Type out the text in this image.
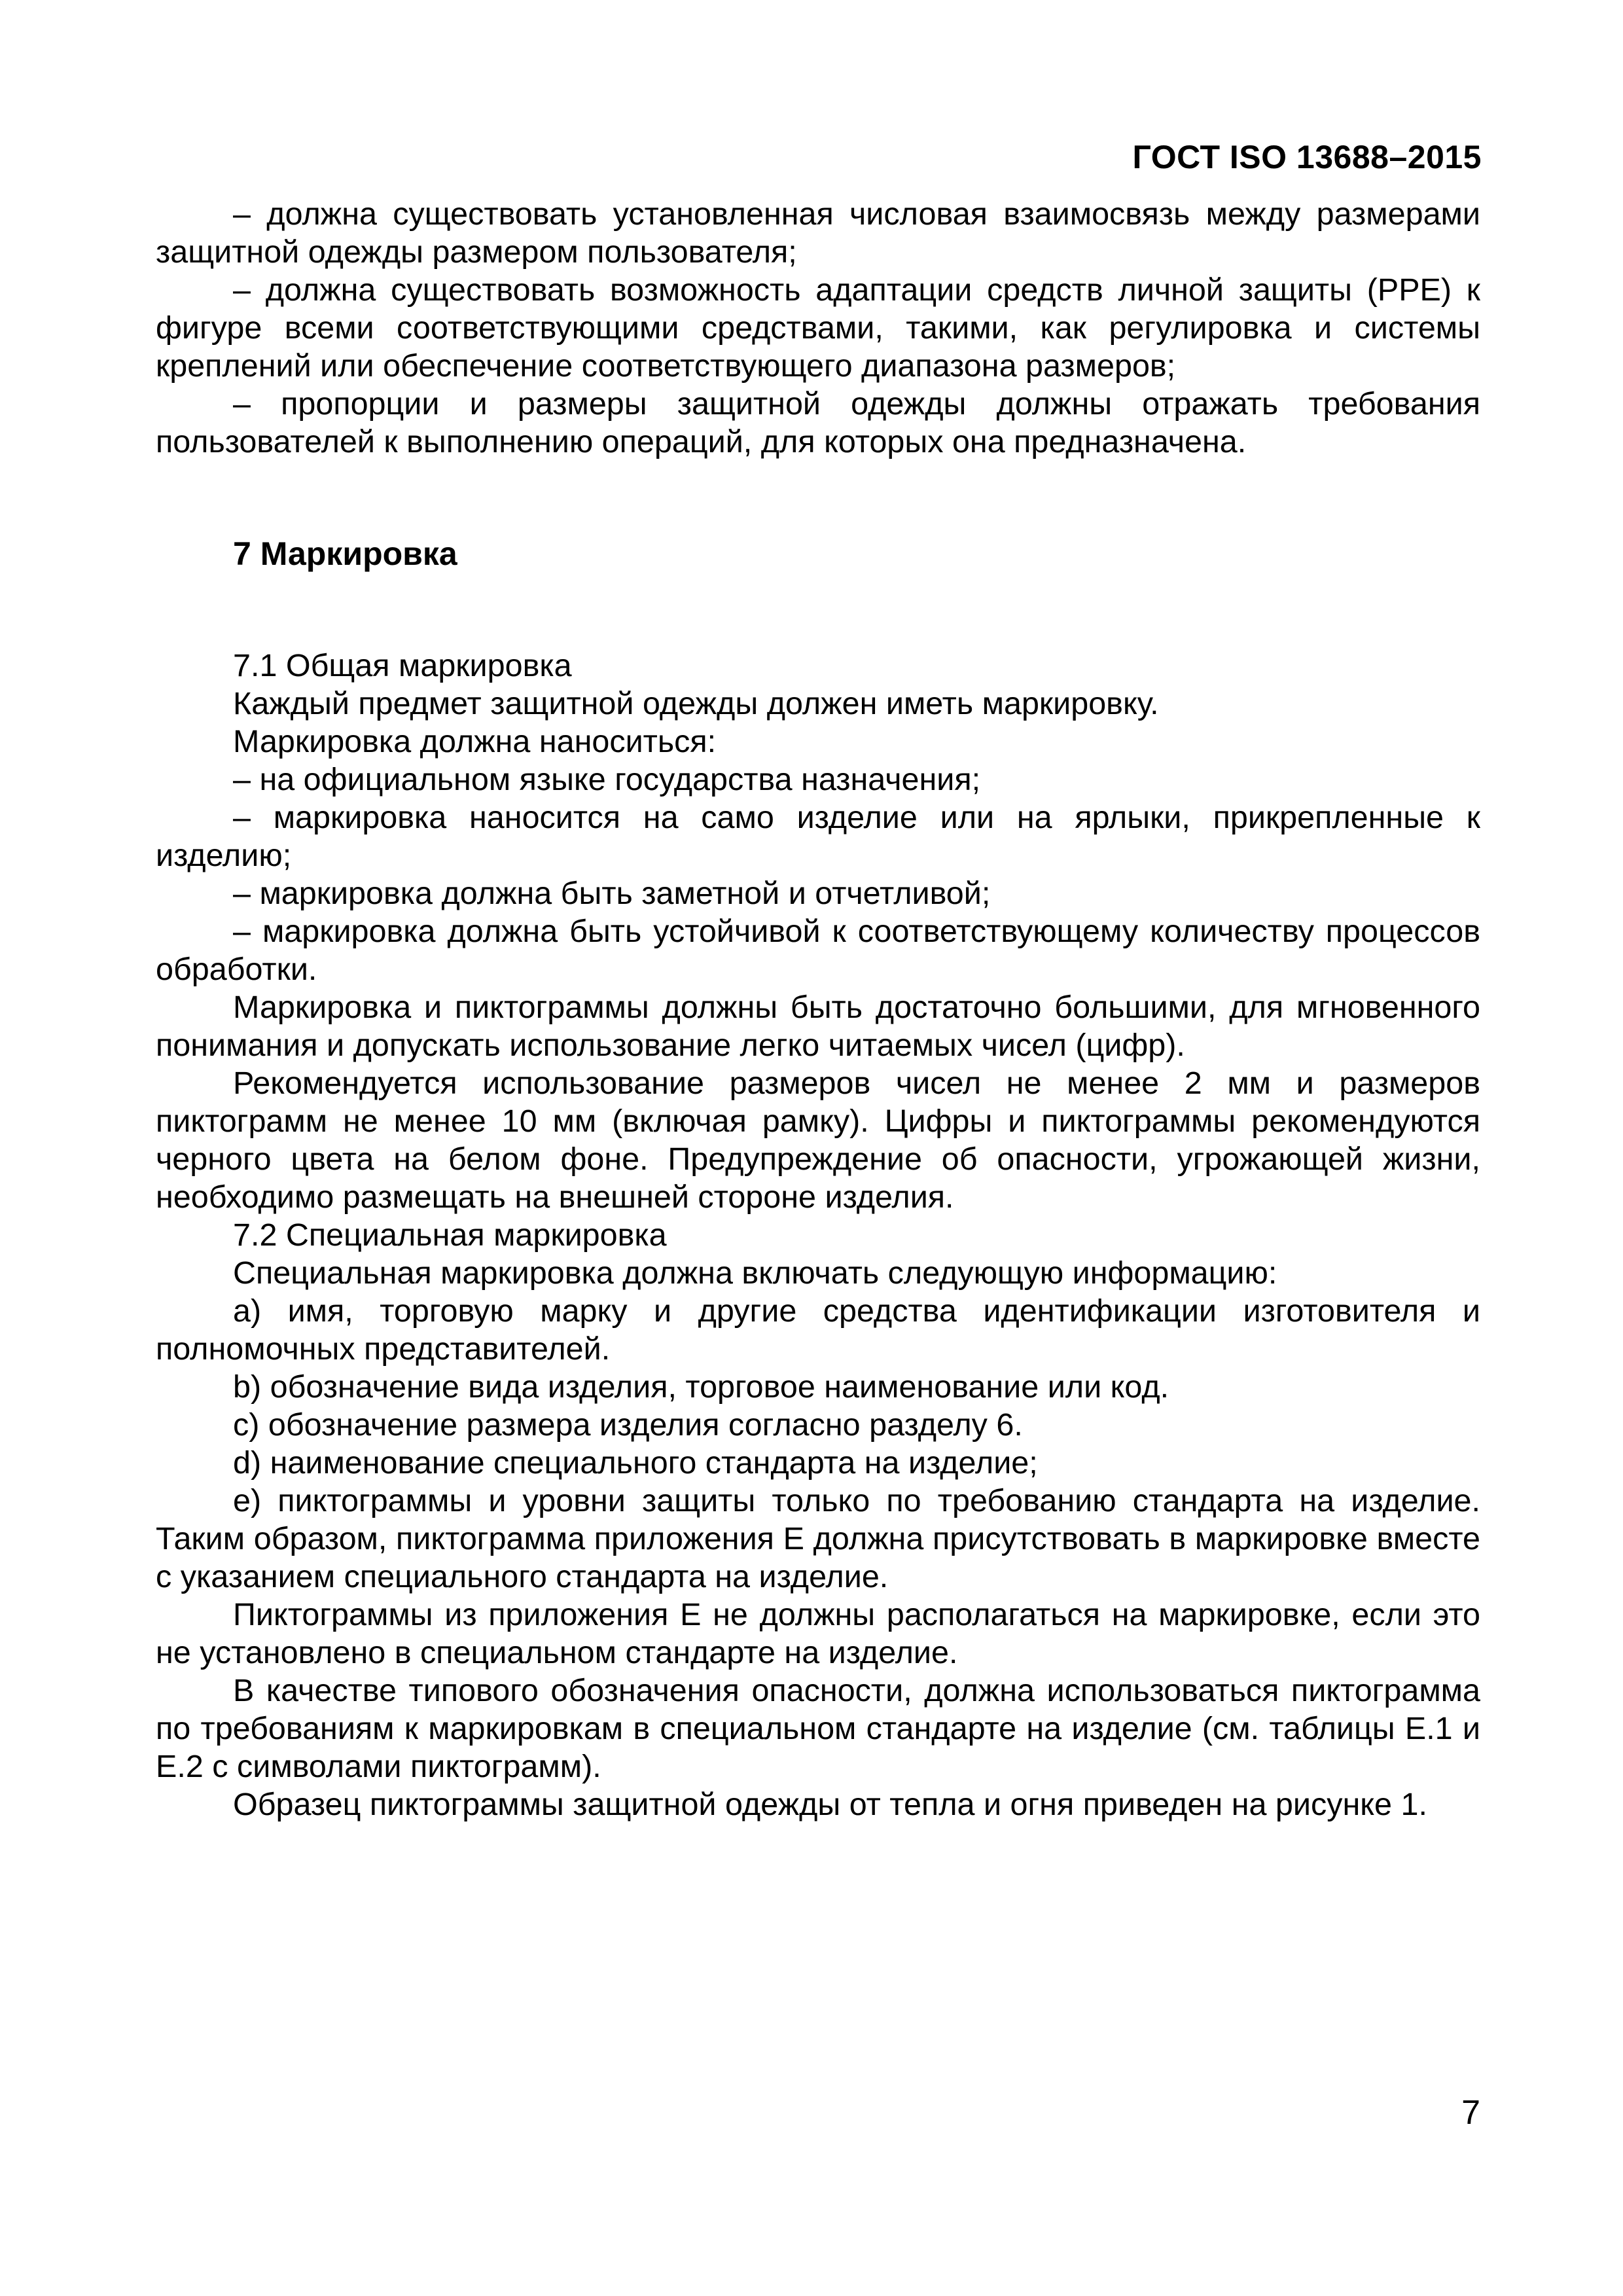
ГОСТ ISO 13688–2015

– должна существовать установленная числовая взаимосвязь между размерами защитной одежды размером пользователя;

– должна существовать возможность адаптации средств личной защиты (PPE) к фигуре всеми соответствующими средствами, такими, как регулировка и системы креплений или обеспечение соответствующего диапазона размеров;

– пропорции и размеры защитной одежды должны отражать требования пользователей к выполнению операций, для которых она предназначена.

7 Маркировка

7.1 Общая маркировка

Каждый предмет защитной одежды должен иметь маркировку.

Маркировка должна наноситься:

– на официальном языке государства назначения;

– маркировка наносится на само изделие или на ярлыки, прикрепленные к изделию;

– маркировка должна быть заметной и отчетливой;

– маркировка должна быть устойчивой к соответствующему количеству процессов обработки.

Маркировка и пиктограммы должны быть достаточно большими, для мгновенного понимания и допускать использование легко читаемых чисел (цифр).

Рекомендуется использование размеров чисел не менее 2 мм и размеров пиктограмм не менее 10 мм (включая рамку). Цифры и пиктограммы рекомендуются черного цвета на белом фоне. Предупреждение об опасности, угрожающей жизни, необходимо размещать на внешней стороне изделия.

7.2 Специальная маркировка

Специальная маркировка должна включать следующую информацию:

a) имя, торговую марку и другие средства идентификации изготовителя и полномочных представителей.

b) обозначение вида изделия, торговое наименование или код.

c) обозначение размера изделия согласно разделу 6.

d) наименование специального стандарта на изделие;

e) пиктограммы и уровни защиты только по требованию стандарта на изделие. Таким образом, пиктограмма приложения Е должна присутствовать в маркировке вместе с указанием специального стандарта на изделие.

Пиктограммы из приложения Е не должны располагаться на маркировке, если это не установлено в специальном стандарте на изделие.

В качестве типового обозначения опасности, должна использоваться пиктограмма по требованиям к маркировкам в специальном стандарте на изделие (см. таблицы Е.1 и Е.2 с символами пиктограмм).

Образец пиктограммы защитной одежды от тепла и огня приведен на рисунке 1.

7
